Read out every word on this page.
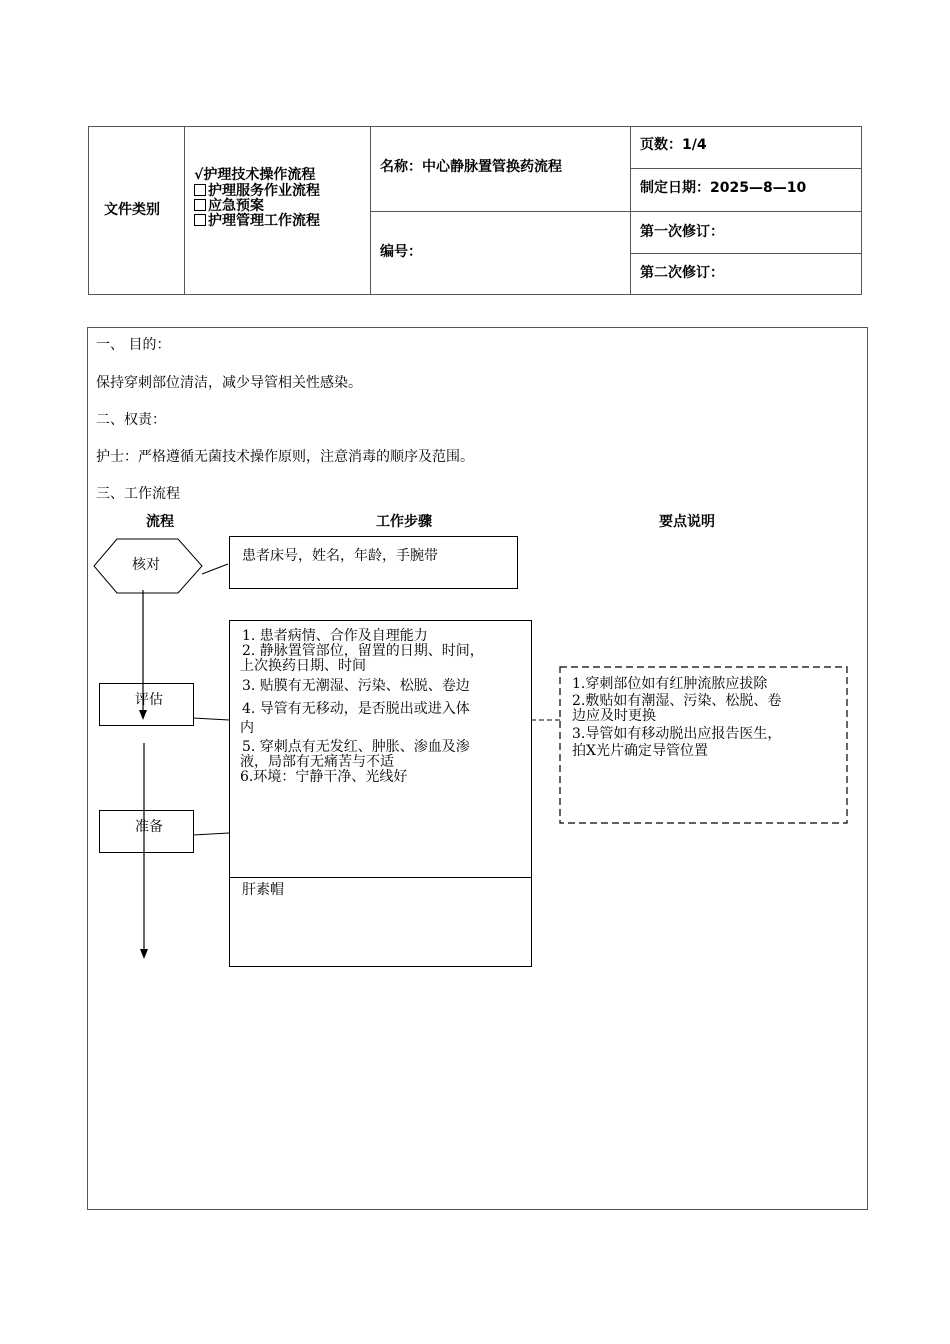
文件类别
√护理技术操作流程
护理服务作业流程
应急预案
护理管理工作流程
名称：中心静脉置管换药流程
编号：
页数：1/4
制定日期：2025—8—10
第一次修订：
第二次修订：
一、 目的：
保持穿刺部位清洁，减少导管相关性感染。
二、权责：
护士：严格遵循无菌技术操作原则，注意消毒的顺序及范围。
三、工作流程
流程	工作步骤	要点说明
核对
患者床号，姓名，年龄，手腕带
评估
准备
1. 患者病情、合作及自理能力
2. 静脉置管部位，留置的日期、时间，
上次换药日期、时间
3. 贴膜有无潮湿、污染、松脱、卷边
4. 导管有无移动，是否脱出或进入体
内
5. 穿刺点有无发红、肿胀、渗血及渗
液，局部有无痛苦与不适
6.环境：宁静干净、光线好
肝素帽
1.穿刺部位如有红肿流脓应拔除
2.敷贴如有潮湿、污染、松脱、卷
边应及时更换
3.导管如有移动脱出应报告医生，
拍X光片确定导管位置
